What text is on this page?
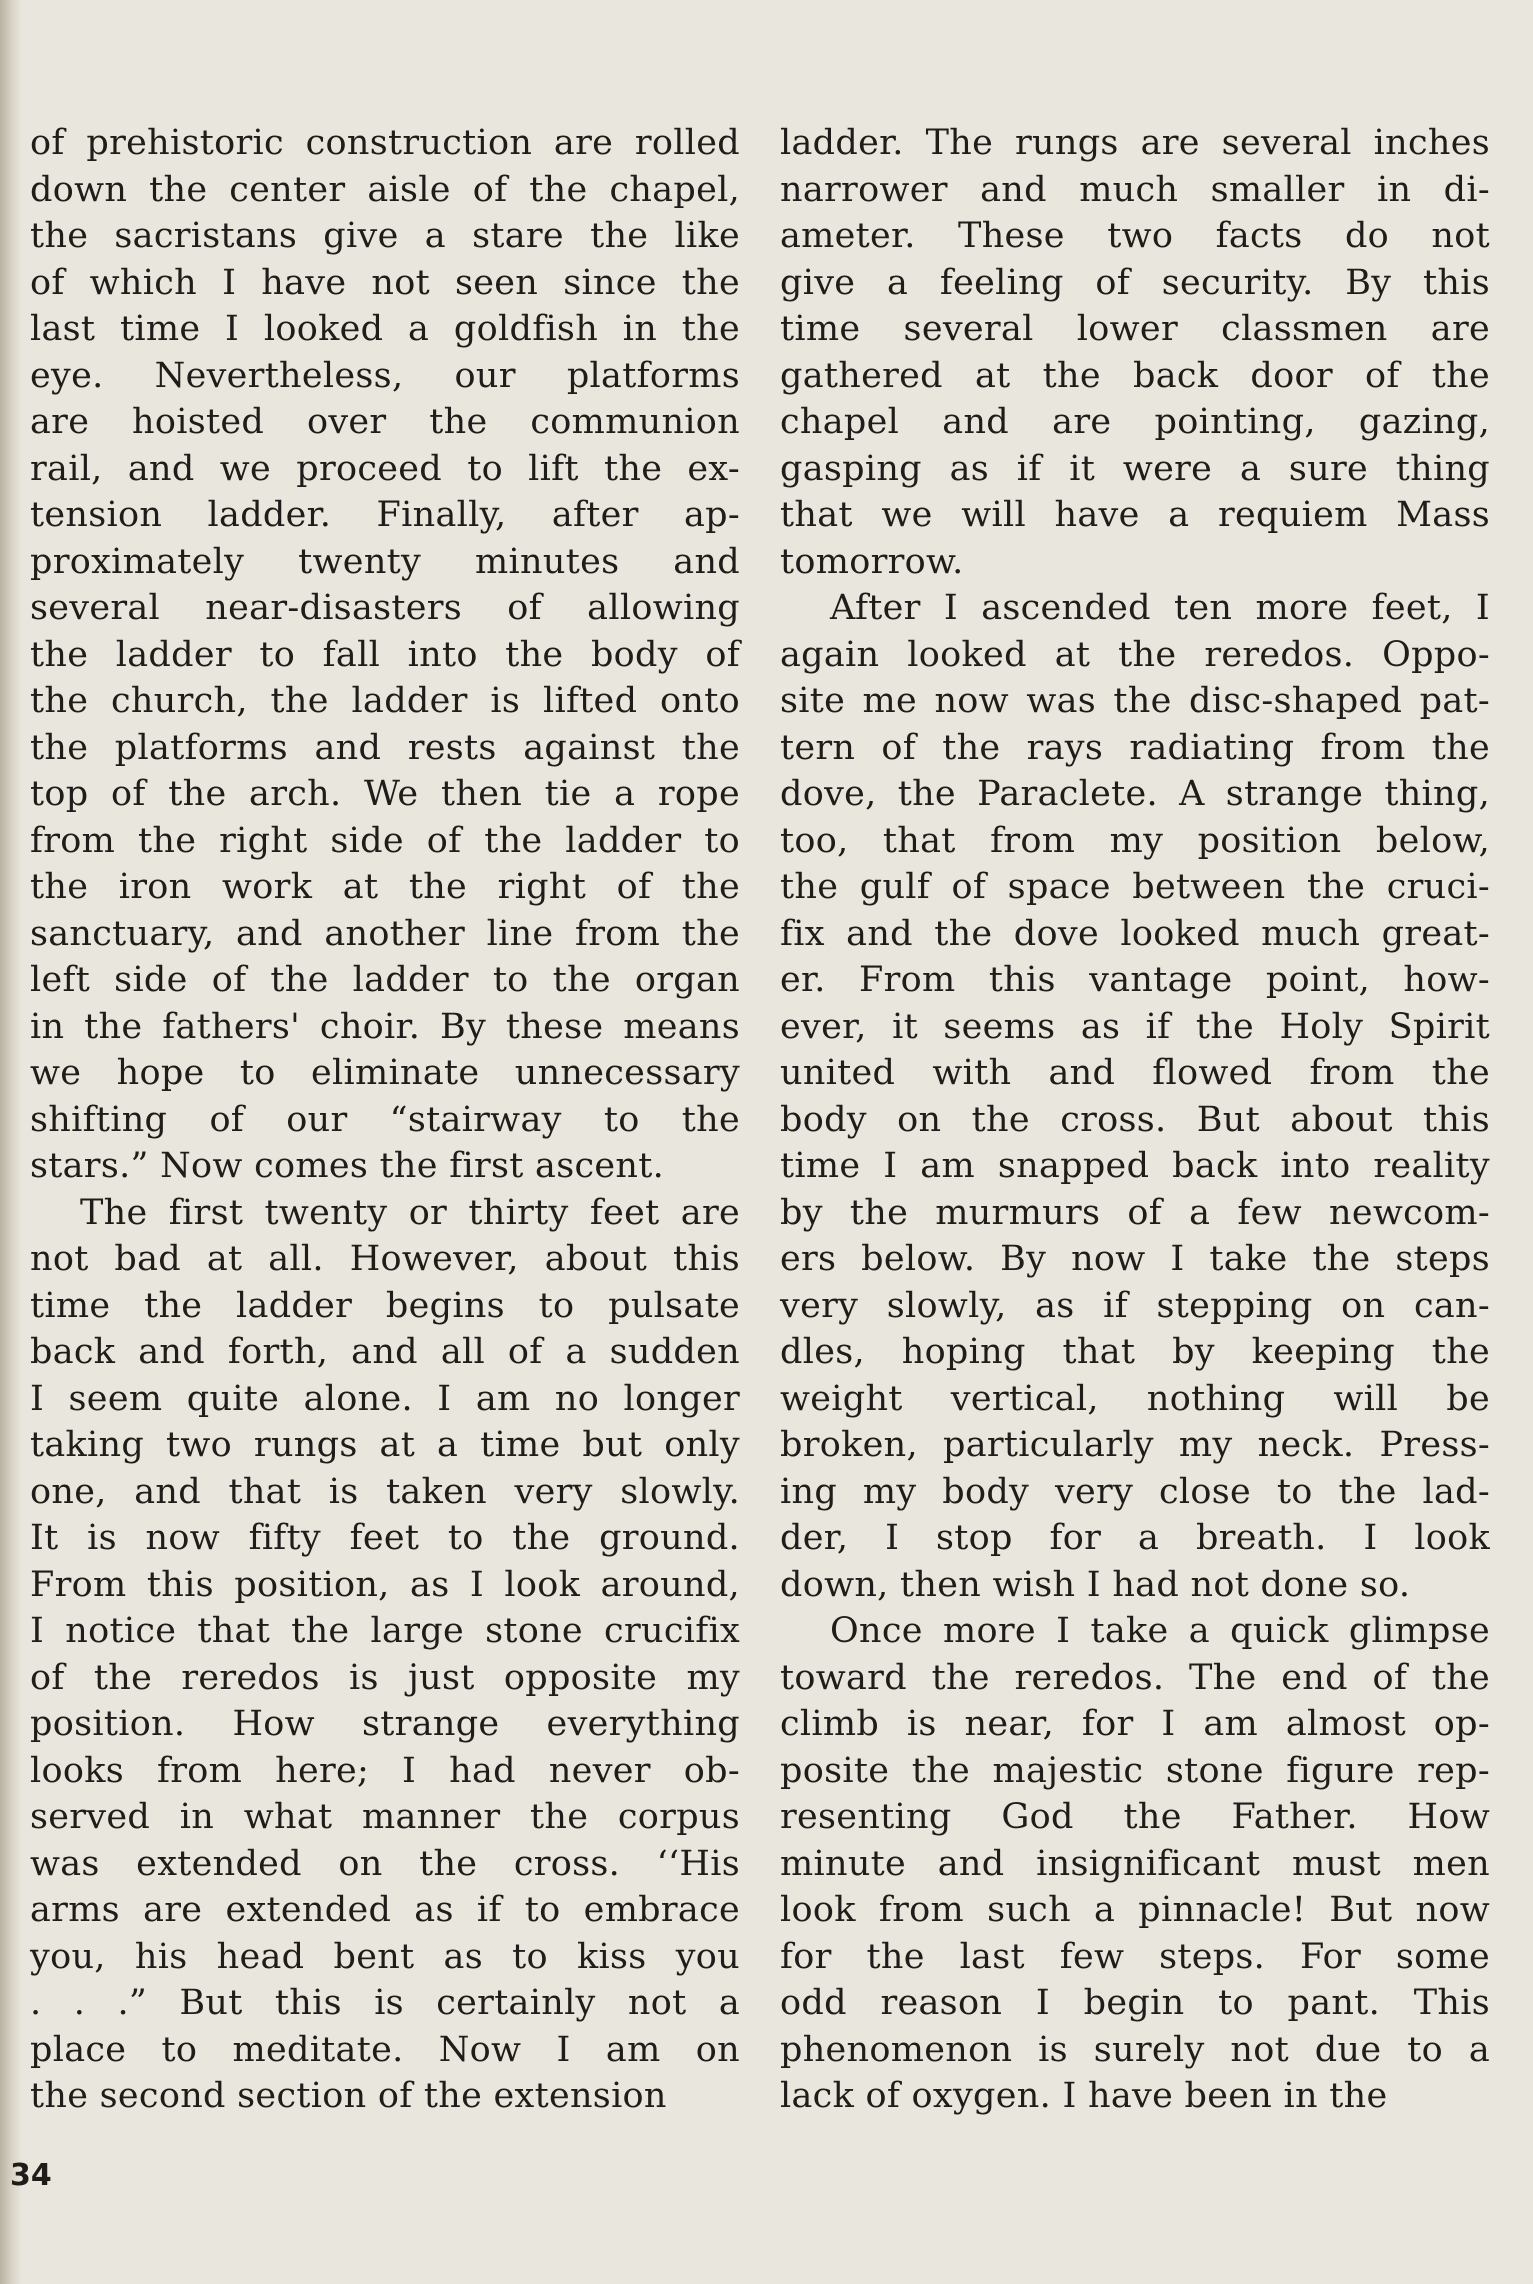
of prehistoric construction are rolled
down the center aisle of the chapel,
the sacristans give a stare the like
of which I have not seen since the
last time I looked a goldfish in the
eye. Nevertheless, our platforms
are hoisted over the communion
rail, and we proceed to lift the ex-
tension ladder. Finally, after ap-
proximately twenty minutes and
several near-disasters of allowing
the ladder to fall into the body of
the church, the ladder is lifted onto
the platforms and rests against the
top of the arch. We then tie a rope
from the right side of the ladder to
the iron work at the right of the
sanctuary, and another line from the
left side of the ladder to the organ
in the fathers' choir. By these means
we hope to eliminate unnecessary
shifting of our “stairway to the
stars.” Now comes the first ascent.
The first twenty or thirty feet are
not bad at all. However, about this
time the ladder begins to pulsate
back and forth, and all of a sudden
I seem quite alone. I am no longer
taking two rungs at a time but only
one, and that is taken very slowly.
It is now fifty feet to the ground.
From this position, as I look around,
I notice that the large stone crucifix
of the reredos is just opposite my
position. How strange everything
looks from here; I had never ob-
served in what manner the corpus
was extended on the cross. ‘‘His
arms are extended as if to embrace
you, his head bent as to kiss you
. . .” But this is certainly not a
place to meditate. Now I am on
the second section of the extension
ladder. The rungs are several inches
narrower and much smaller in di-
ameter. These two facts do not
give a feeling of security. By this
time several lower classmen are
gathered at the back door of the
chapel and are pointing, gazing,
gasping as if it were a sure thing
that we will have a requiem Mass
tomorrow.
After I ascended ten more feet, I
again looked at the reredos. Oppo-
site me now was the disc-shaped pat-
tern of the rays radiating from the
dove, the Paraclete. A strange thing,
too, that from my position below,
the gulf of space between the cruci-
fix and the dove looked much great-
er. From this vantage point, how-
ever, it seems as if the Holy Spirit
united with and flowed from the
body on the cross. But about this
time I am snapped back into reality
by the murmurs of a few newcom-
ers below. By now I take the steps
very slowly, as if stepping on can-
dles, hoping that by keeping the
weight vertical, nothing will be
broken, particularly my neck. Press-
ing my body very close to the lad-
der, I stop for a breath. I look
down, then wish I had not done so.
Once more I take a quick glimpse
toward the reredos. The end of the
climb is near, for I am almost op-
posite the majestic stone figure rep-
resenting God the Father. How
minute and insignificant must men
look from such a pinnacle! But now
for the last few steps. For some
odd reason I begin to pant. This
phenomenon is surely not due to a
lack of oxygen. I have been in the
34
